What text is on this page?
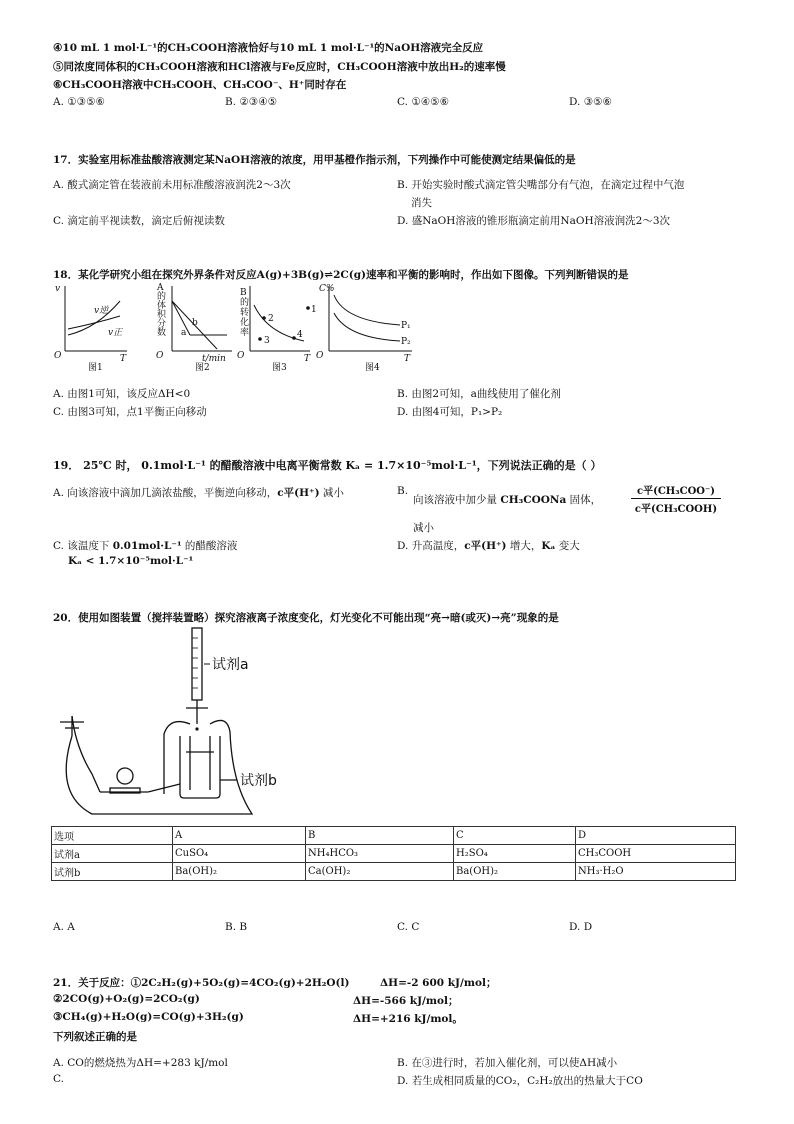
④10 mL 1 mol·L⁻¹的CH₃COOH溶液恰好与10 mL 1 mol·L⁻¹的NaOH溶液完全反应
⑤同浓度同体积的CH₃COOH溶液和HCl溶液与Fe反应时，CH₃COOH溶液中放出H₂的速率慢
⑥CH₃COOH溶液中CH₃COOH、CH₃COO⁻、H⁺同时存在
A. ①③⑤⑥	B. ②③④⑤	C. ①④⑤⑥	D. ③⑤⑥
17．实验室用标准盐酸溶液测定某NaOH溶液的浓度，用甲基橙作指示剂，下列操作中可能使测定结果偏低的是
A. 酸式滴定管在装液前未用标准酸溶液润洗2～3次	B. 开始实验时酸式滴定管尖嘴部分有气泡，在滴定过程中气泡
消失
C. 滴定前平视读数，滴定后俯视读数	D. 盛NaOH溶液的锥形瓶滴定前用NaOH溶液润洗2～3次
18．某化学研究小组在探究外界条件对反应A(g)+3B(g)⇌2C(g)速率和平衡的影响时，作出如下图像。下列判断错误的是
v
T
O
v逆
v正
图1
O	t/min
a
b
图2
O	T
1
2
3
4
图3
C%
O	T
P₁
P₂
图4
A
的
体
积
分
数
B
的
转
化
率
A. 由图1可知，该反应ΔH<0	B. 由图2可知，a曲线使用了催化剂
C. 由图3可知，点1平衡正向移动	D. 由图4可知，P₁>P₂
19． 25℃ 时， 0.1mol·L⁻¹ 的醋酸溶液中电离平衡常数 Kₐ = 1.7×10⁻⁵mol·L⁻¹，下列说法正确的是（ ）
A. 向该溶液中滴加几滴浓盐酸，平衡逆向移动，c平(H⁺) 减小	B.
向该溶液中加少量 CH₃COONa 固体，
c平(CH₃COO⁻)
c平(CH₃COOH)
减小
C. 该温度下 0.01mol·L⁻¹ 的醋酸溶液
Kₐ < 1.7×10⁻⁵mol·L⁻¹
D. 升高温度，c平(H⁺) 增大，Kₐ 变大
20．使用如图装置（搅拌装置略）探究溶液离子浓度变化，灯光变化不可能出现“亮→暗(或灭)→亮”现象的是
试剂a
试剂b
选项	A	B	C	D
试剂a	CuSO₄	NH₄HCO₃	H₂SO₄	CH₃COOH
试剂b	Ba(OH)₂	Ca(OH)₂	Ba(OH)₂	NH₃·H₂O
A. A	B. B	C. C	D. D
21．关于反应：①2C₂H₂(g)+5O₂(g)=4CO₂(g)+2H₂O(l)	ΔH=-2 600 kJ/mol；
②2CO(g)+O₂(g)=2CO₂(g)	ΔH=-566 kJ/mol；
③CH₄(g)+H₂O(g)=CO(g)+3H₂(g)	ΔH=+216 kJ/mol。
下列叙述正确的是
A. CO的燃烧热为ΔH=+283 kJ/mol	B. 在③进行时，若加入催化剂，可以使ΔH减小
C.	D. 若生成相同质量的CO₂，C₂H₂放出的热量大于CO
